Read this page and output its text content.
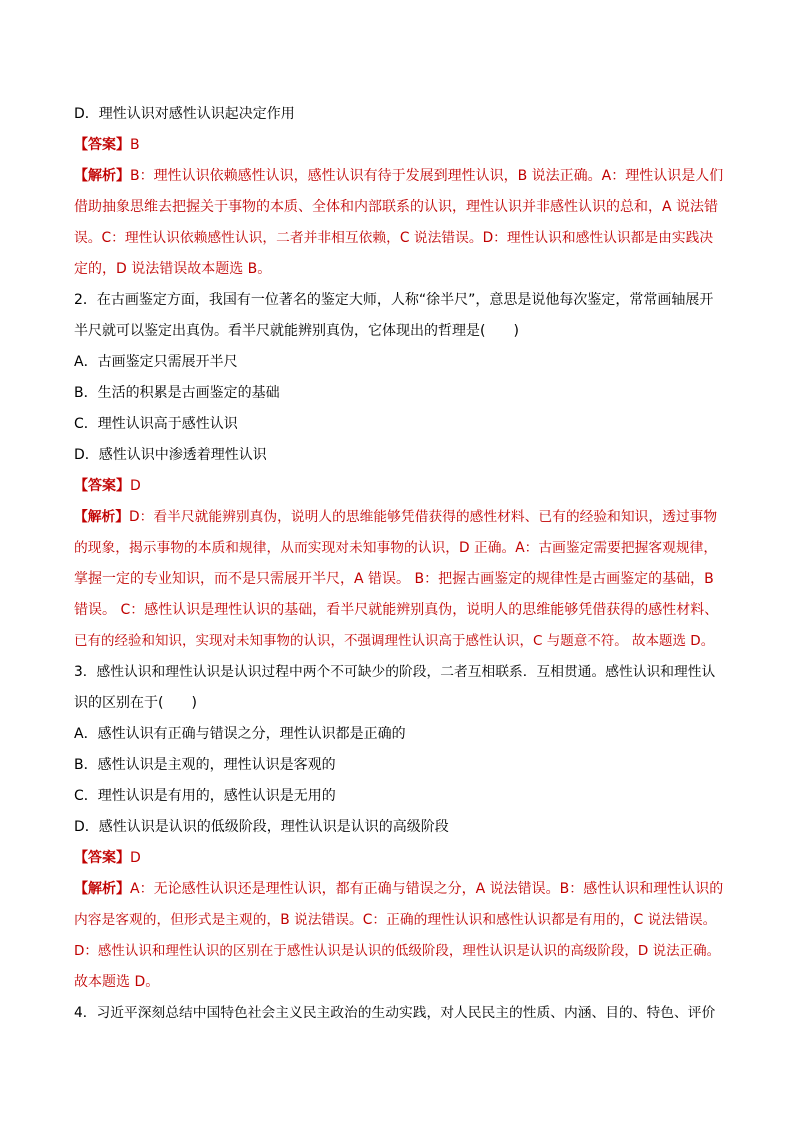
D．理性认识对感性认识起决定作用

【答案】B

【解析】B：理性认识依赖感性认识，感性认识有待于发展到理性认识，B 说法正确。A：理性认识是人们

借助抽象思维去把握关于事物的本质、全体和内部联系的认识，理性认识并非感性认识的总和，A 说法错

误。C：理性认识依赖感性认识，二者并非相互依赖，C 说法错误。D：理性认识和感性认识都是由实践决

定的，D 说法错误故本题选 B。

2．在古画鉴定方面，我国有一位著名的鉴定大师，人称“徐半尺”，意思是说他每次鉴定，常常画轴展开

半尺就可以鉴定出真伪。看半尺就能辨别真伪，它体现出的哲理是(　　)

A．古画鉴定只需展开半尺

B．生活的积累是古画鉴定的基础

C．理性认识高于感性认识

D．感性认识中渗透着理性认识

【答案】D

【解析】D：看半尺就能辨别真伪，说明人的思维能够凭借获得的感性材料、已有的经验和知识，透过事物

的现象，揭示事物的本质和规律，从而实现对未知事物的认识，D 正确。A：古画鉴定需要把握客观规律，

掌握一定的专业知识，而不是只需展开半尺，A 错误。 B：把握古画鉴定的规律性是古画鉴定的基础，B

错误。 C：感性认识是理性认识的基础，看半尺就能辨别真伪，说明人的思维能够凭借获得的感性材料、

已有的经验和知识，实现对未知事物的认识，不强调理性认识高于感性认识，C 与题意不符。 故本题选 D。

3．感性认识和理性认识是认识过程中两个不可缺少的阶段，二者互相联系．互相贯通。感性认识和理性认

识的区别在于(　　)

A．感性认识有正确与错误之分，理性认识都是正确的

B．感性认识是主观的，理性认识是客观的

C．理性认识是有用的，感性认识是无用的

D．感性认识是认识的低级阶段，理性认识是认识的高级阶段

【答案】D

【解析】A：无论感性认识还是理性认识，都有正确与错误之分，A 说法错误。B：感性认识和理性认识的

内容是客观的，但形式是主观的，B 说法错误。C：正确的理性认识和感性认识都是有用的，C 说法错误。

D：感性认识和理性认识的区别在于感性认识是认识的低级阶段，理性认识是认识的高级阶段，D 说法正确。

故本题选 D。

4．习近平深刻总结中国特色社会主义民主政治的生动实践，对人民民主的性质、内涵、目的、特色、评价
